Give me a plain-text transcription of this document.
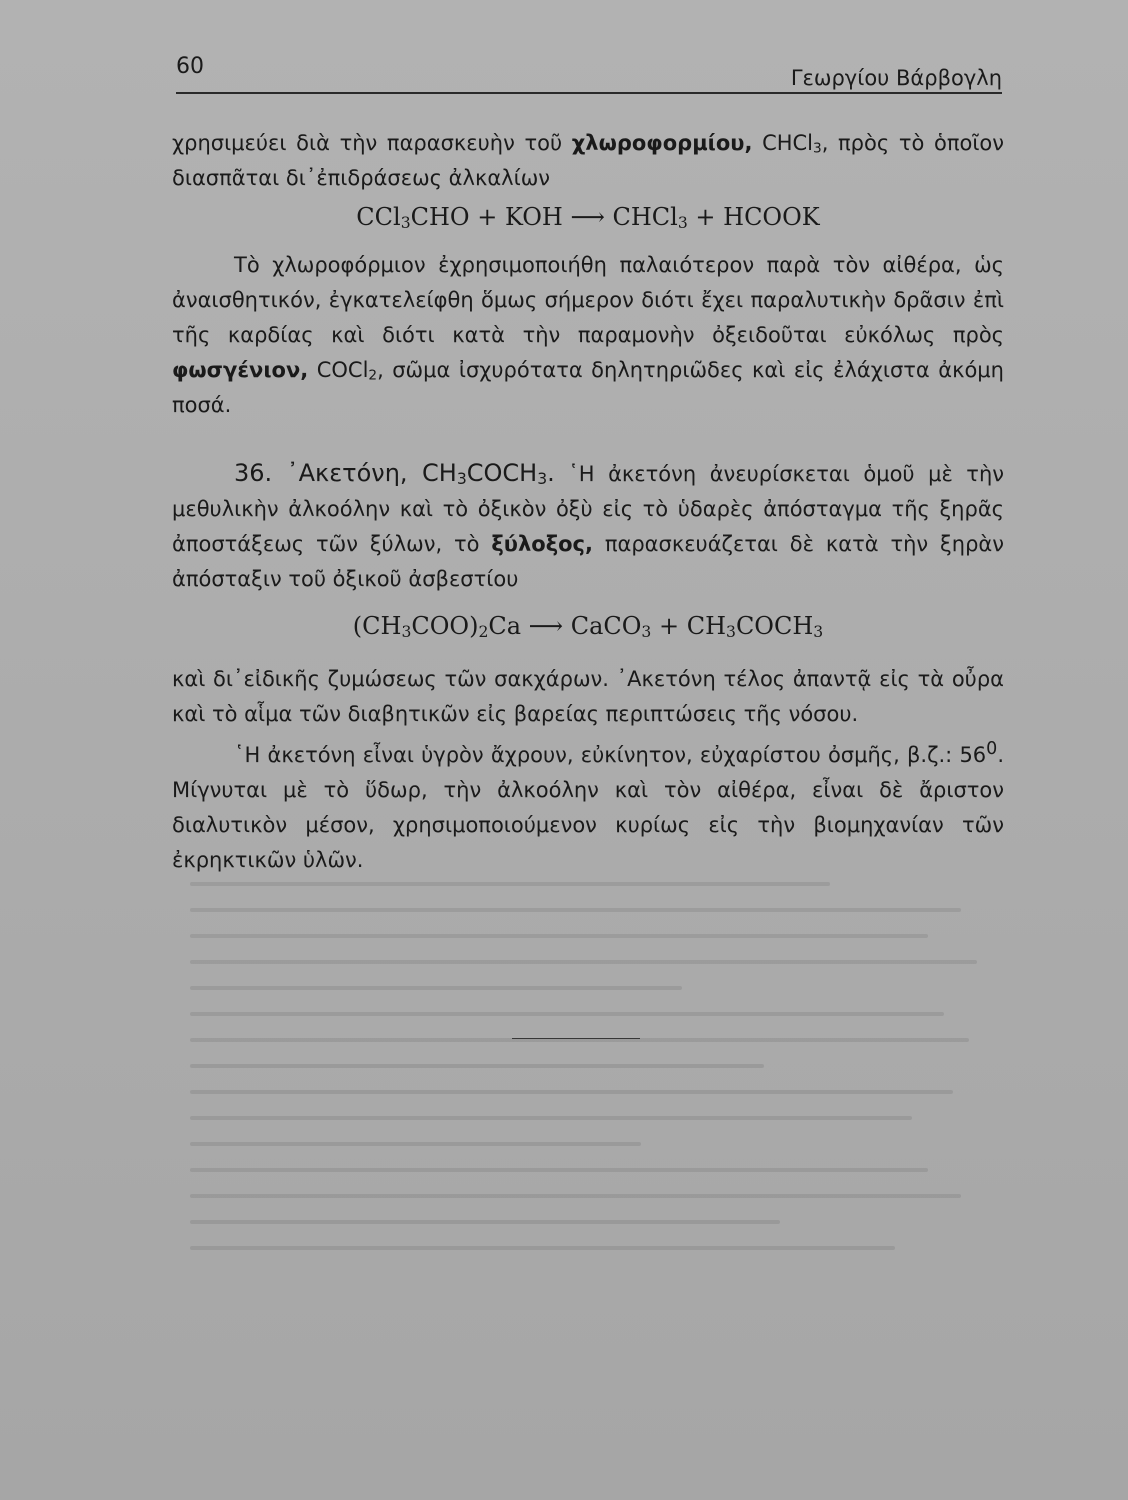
60	Γεωργίου Βάρβογλη
χρησιμεύει διὰ τὴν παρασκευὴν τοῦ χλωροφορμίου, CHCl$_3$, πρὸς τὸ ὁποῖον διασπᾶται δι᾽ἐπιδράσεως ἀλκαλίων
CCl$_3$CHO + KOH ⟶ CHCl$_3$ + HCOOK
Τὸ χλωροφόρμιον ἐχρησιμοποιήθη παλαιότερον παρὰ τὸν αἰθέρα, ὡς ἀναισθητικόν, ἐγκατελείφθη ὅμως σήμερον διότι ἔχει παραλυτικὴν δρᾶσιν ἐπὶ τῆς καρδίας καὶ διότι κατὰ τὴν παραμονὴν ὀξειδοῦται εὐκόλως πρὸς φωσγένιον, COCl$_2$, σῶμα ἰσχυρότατα δηλητηριῶδες καὶ εἰς ἐλάχιστα ἀκόμη ποσά.
36. ᾽Ακετόνη, $CH_3COCH_3$. ῾Η ἀκετόνη ἀνευρίσκεται ὁμοῦ μὲ τὴν μεθυλικὴν ἀλκοόλην καὶ τὸ ὀξικὸν ὀξὺ εἰς τὸ ὑδαρὲς ἀπόσταγμα τῆς ξηρᾶς ἀποστάξεως τῶν ξύλων, τὸ ξύλοξος, παρασκευάζεται δὲ κατὰ τὴν ξηρὰν ἀπόσταξιν τοῦ ὀξικοῦ ἀσβεστίου
$(CH_3COO)_2Ca$ ⟶ CaCO$_3$ + $CH_3COCH_3$
καὶ δι᾽εἰδικῆς ζυμώσεως τῶν σακχάρων. ᾽Ακετόνη τέλος ἀπαντᾷ εἰς τὰ οὖρα καὶ τὸ αἷμα τῶν διαβητικῶν εἰς βαρείας περιπτώσεις τῆς νόσου.
῾Η ἀκετόνη εἶναι ὑγρὸν ἄχρουν, εὐκίνητον, εὐχαρίστου ὀσμῆς, β.ζ.: $56^0$. Μίγνυται μὲ τὸ ὕδωρ, τὴν ἀλκοόλην καὶ τὸν αἰθέρα, εἶναι δὲ ἄριστον διαλυτικὸν μέσον, χρησιμοποιούμενον κυρίως εἰς τὴν βιομηχανίαν τῶν ἐκρηκτικῶν ὑλῶν.
